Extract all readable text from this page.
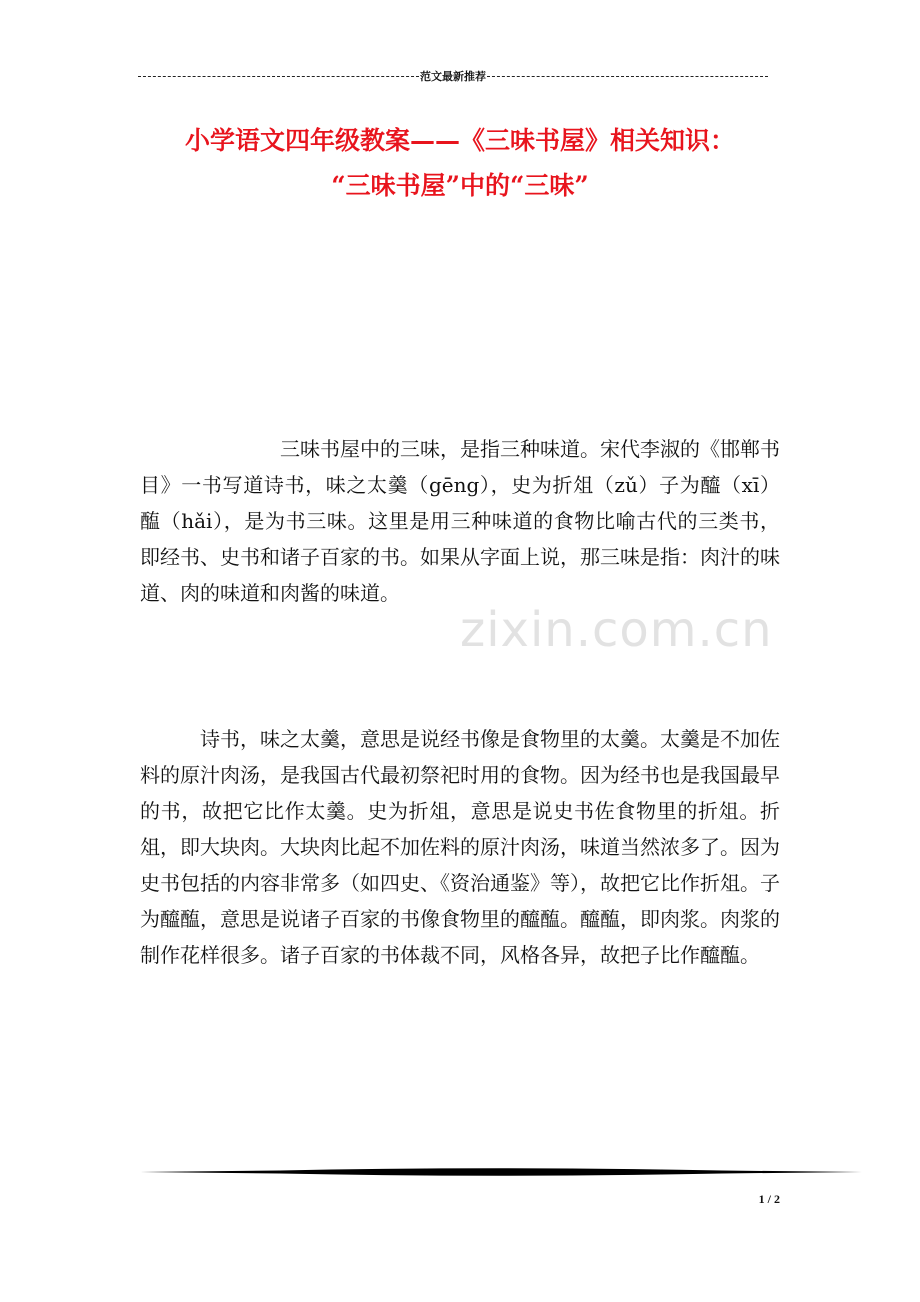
范文最新推荐
小学语文四年级教案——《三味书屋》相关知识：
“三味书屋”中的“三味”
zixin.com.cn
三味书屋中的三味，是指三种味道。宋代李淑的《邯郸书目》一书写道诗书，味之太羹（gēng），史为折俎（zǔ）子为醯（xī）醢（hǎi），是为书三味。这里是用三种味道的食物比喻古代的三类书，即经书、史书和诸子百家的书。如果从字面上说，那三味是指：肉汁的味道、肉的味道和肉酱的味道。
诗书，味之太羹，意思是说经书像是食物里的太羹。太羹是不加佐料的原汁肉汤，是我国古代最初祭祀时用的食物。因为经书也是我国最早的书，故把它比作太羹。史为折俎，意思是说史书佐食物里的折俎。折俎，即大块肉。大块肉比起不加佐料的原汁肉汤，味道当然浓多了。因为史书包括的内容非常多（如四史、《资治通鉴》等），故把它比作折俎。子为醯醢，意思是说诸子百家的书像食物里的醯醢。醯醢，即肉浆。肉浆的制作花样很多。诸子百家的书体裁不同，风格各异，故把子比作醯醢。
1 / 2
